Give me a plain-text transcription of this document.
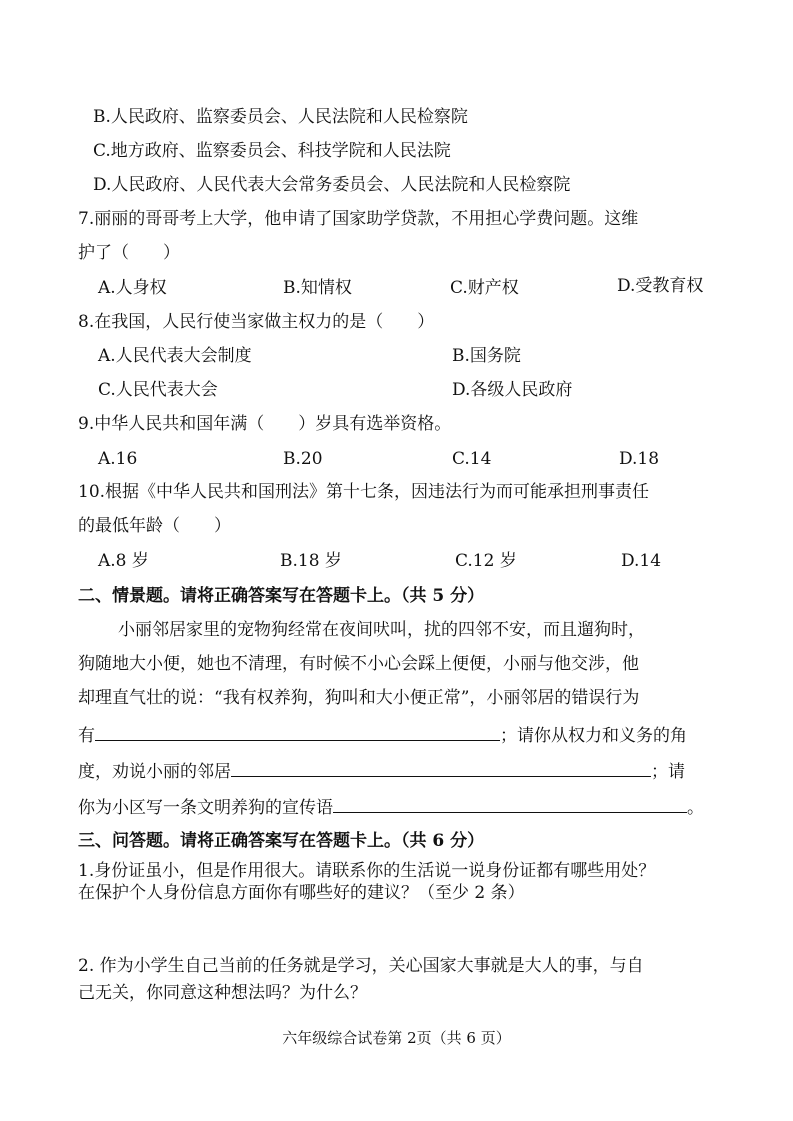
B.人民政府、监察委员会、人民法院和人民检察院
C.地方政府、监察委员会、科技学院和人民法院
D.人民政府、人民代表大会常务委员会、人民法院和人民检察院
7.丽丽的哥哥考上大学，他申请了国家助学贷款，不用担心学费问题。这维
护了（　　）
A.人身权	B.知情权	C.财产权	D.受教育权
8.在我国，人民行使当家做主权力的是（　　）
A.人民代表大会制度	B.国务院
C.人民代表大会	D.各级人民政府
9.中华人民共和国年满（　　）岁具有选举资格。
A.16	B.20	C.14	D.18
10.根据《中华人民共和国刑法》第十七条，因违法行为而可能承担刑事责任
的最低年龄（　　）
A.8 岁	B.18 岁	C.12 岁	D.14
二、情景题。请将正确答案写在答题卡上。（共 5 分）
小丽邻居家里的宠物狗经常在夜间吠叫，扰的四邻不安，而且遛狗时，
狗随地大小便，她也不清理，有时候不小心会踩上便便，小丽与他交涉，他
却理直气壮的说：“我有权养狗，狗叫和大小便正常”，小丽邻居的错误行为
有	；请你从权力和义务的角
度，劝说小丽的邻居	；请
你为小区写一条文明养狗的宣传语	。
三、问答题。请将正确答案写在答题卡上。（共 6 分）
1.身份证虽小，但是作用很大。请联系你的生活说一说身份证都有哪些用处？
在保护个人身份信息方面你有哪些好的建议？（至少 2 条）
2. 作为小学生自己当前的任务就是学习，关心国家大事就是大人的事，与自
己无关，你同意这种想法吗？为什么？
六年级综合试卷第 2页（共 6 页）
